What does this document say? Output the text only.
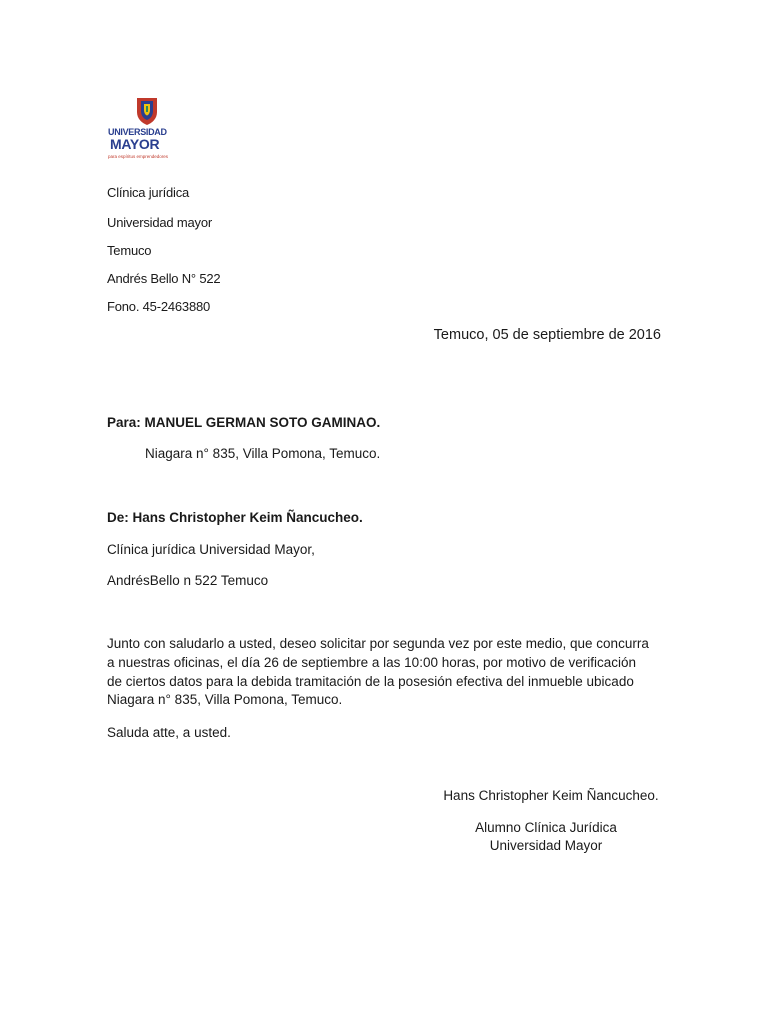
UNIVERSIDAD
MAYOR
para espíritus emprendedores
Clínica jurídica
Universidad mayor
Temuco
Andrés Bello N° 522
Fono. 45-2463880
Temuco, 05 de septiembre de 2016
Para: MANUEL GERMAN SOTO GAMINAO.
Niagara n° 835, Villa Pomona, Temuco.
De: Hans Christopher Keim Ñancucheo.
Clínica jurídica Universidad Mayor,
AndrésBello n 522 Temuco
Junto con saludarlo a usted, deseo solicitar por segunda vez por este medio, que concurra
a nuestras oficinas, el día 26 de septiembre a las 10:00 horas, por motivo de verificación
de ciertos datos para la debida tramitación de la posesión efectiva del inmueble ubicado
Niagara n° 835, Villa Pomona, Temuco.
Saluda atte, a usted.
Hans Christopher Keim Ñancucheo.
Alumno Clínica Jurídica
Universidad Mayor
